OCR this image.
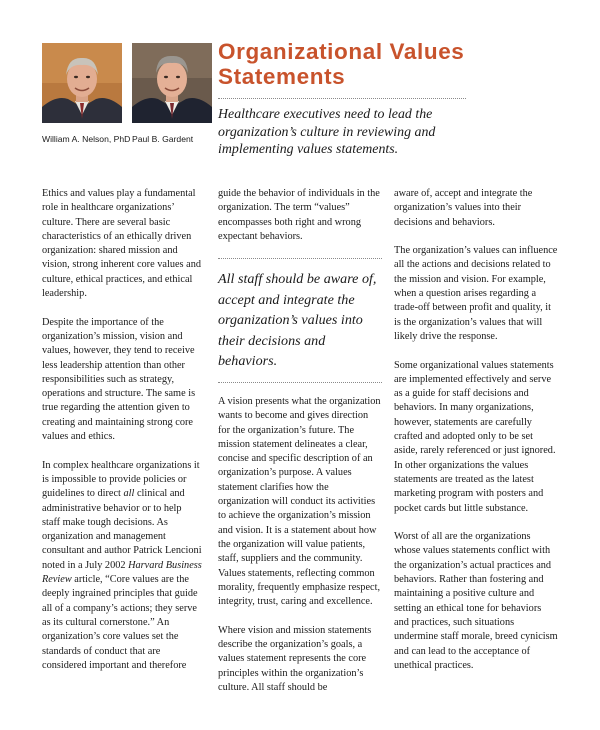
William A. Nelson, PhD Paul B. Gardent
Organizational Values
Statements
Healthcare executives need to lead the organization’s culture in reviewing and implementing values statements.

Ethics and values play a fundamental role in healthcare organizations’ culture. There are several basic characteristics of an ethically driven organization: shared mission and vision, strong inherent core values and culture, ethical practices, and ethical leadership.

Despite the importance of the organization’s mission, vision and values, however, they tend to receive less leadership attention than other responsibilities such as strategy, operations and structure. The same is true regarding the attention given to creating and maintaining strong core values and ethics.

In complex healthcare organizations it is impossible to provide policies or guidelines to direct all clinical and administrative behavior or to help staff make tough decisions. As organization and management consultant and author Patrick Lencioni noted in a July 2002 Harvard Business Review article, “Core values are the deeply ingrained principles that guide all of a company’s actions; they serve as its cultural cornerstone.” An organization’s core values set the standards of conduct that are considered important and therefore

guide the behavior of individuals in the organization. The term “values” encompasses both right and wrong expectant behaviors.

All staff should be aware of, accept and integrate the organization’s values into their decisions and behaviors.

A vision presents what the organization wants to become and gives direction for the organization’s future. The mission statement delineates a clear, concise and specific description of an organization’s purpose. A values statement clarifies how the organization will conduct its activities to achieve the organization’s mission and vision. It is a statement about how the organization will value patients, staff, suppliers and the community. Values statements, reflecting common morality, frequently emphasize respect, integrity, trust, caring and excellence.

Where vision and mission statements describe the organization’s goals, a values statement represents the core principles within the organization’s culture. All staff should be

aware of, accept and integrate the organization’s values into their decisions and behaviors.

The organization’s values can influence all the actions and decisions related to the mission and vision. For example, when a question arises regarding a trade-off between profit and quality, it is the organization’s values that will likely drive the response.

Some organizational values statements are implemented effectively and serve as a guide for staff decisions and behaviors. In many organizations, however, statements are carefully crafted and adopted only to be set aside, rarely referenced or just ignored. In other organizations the values statements are treated as the latest marketing program with posters and pocket cards but little substance.

Worst of all are the organizations whose values statements conflict with the organization’s actual practices and behaviors. Rather than fostering and maintaining a positive culture and setting an ethical tone for behaviors and practices, such situations undermine staff morale, breed cynicism and can lead to the acceptance of unethical practices.
